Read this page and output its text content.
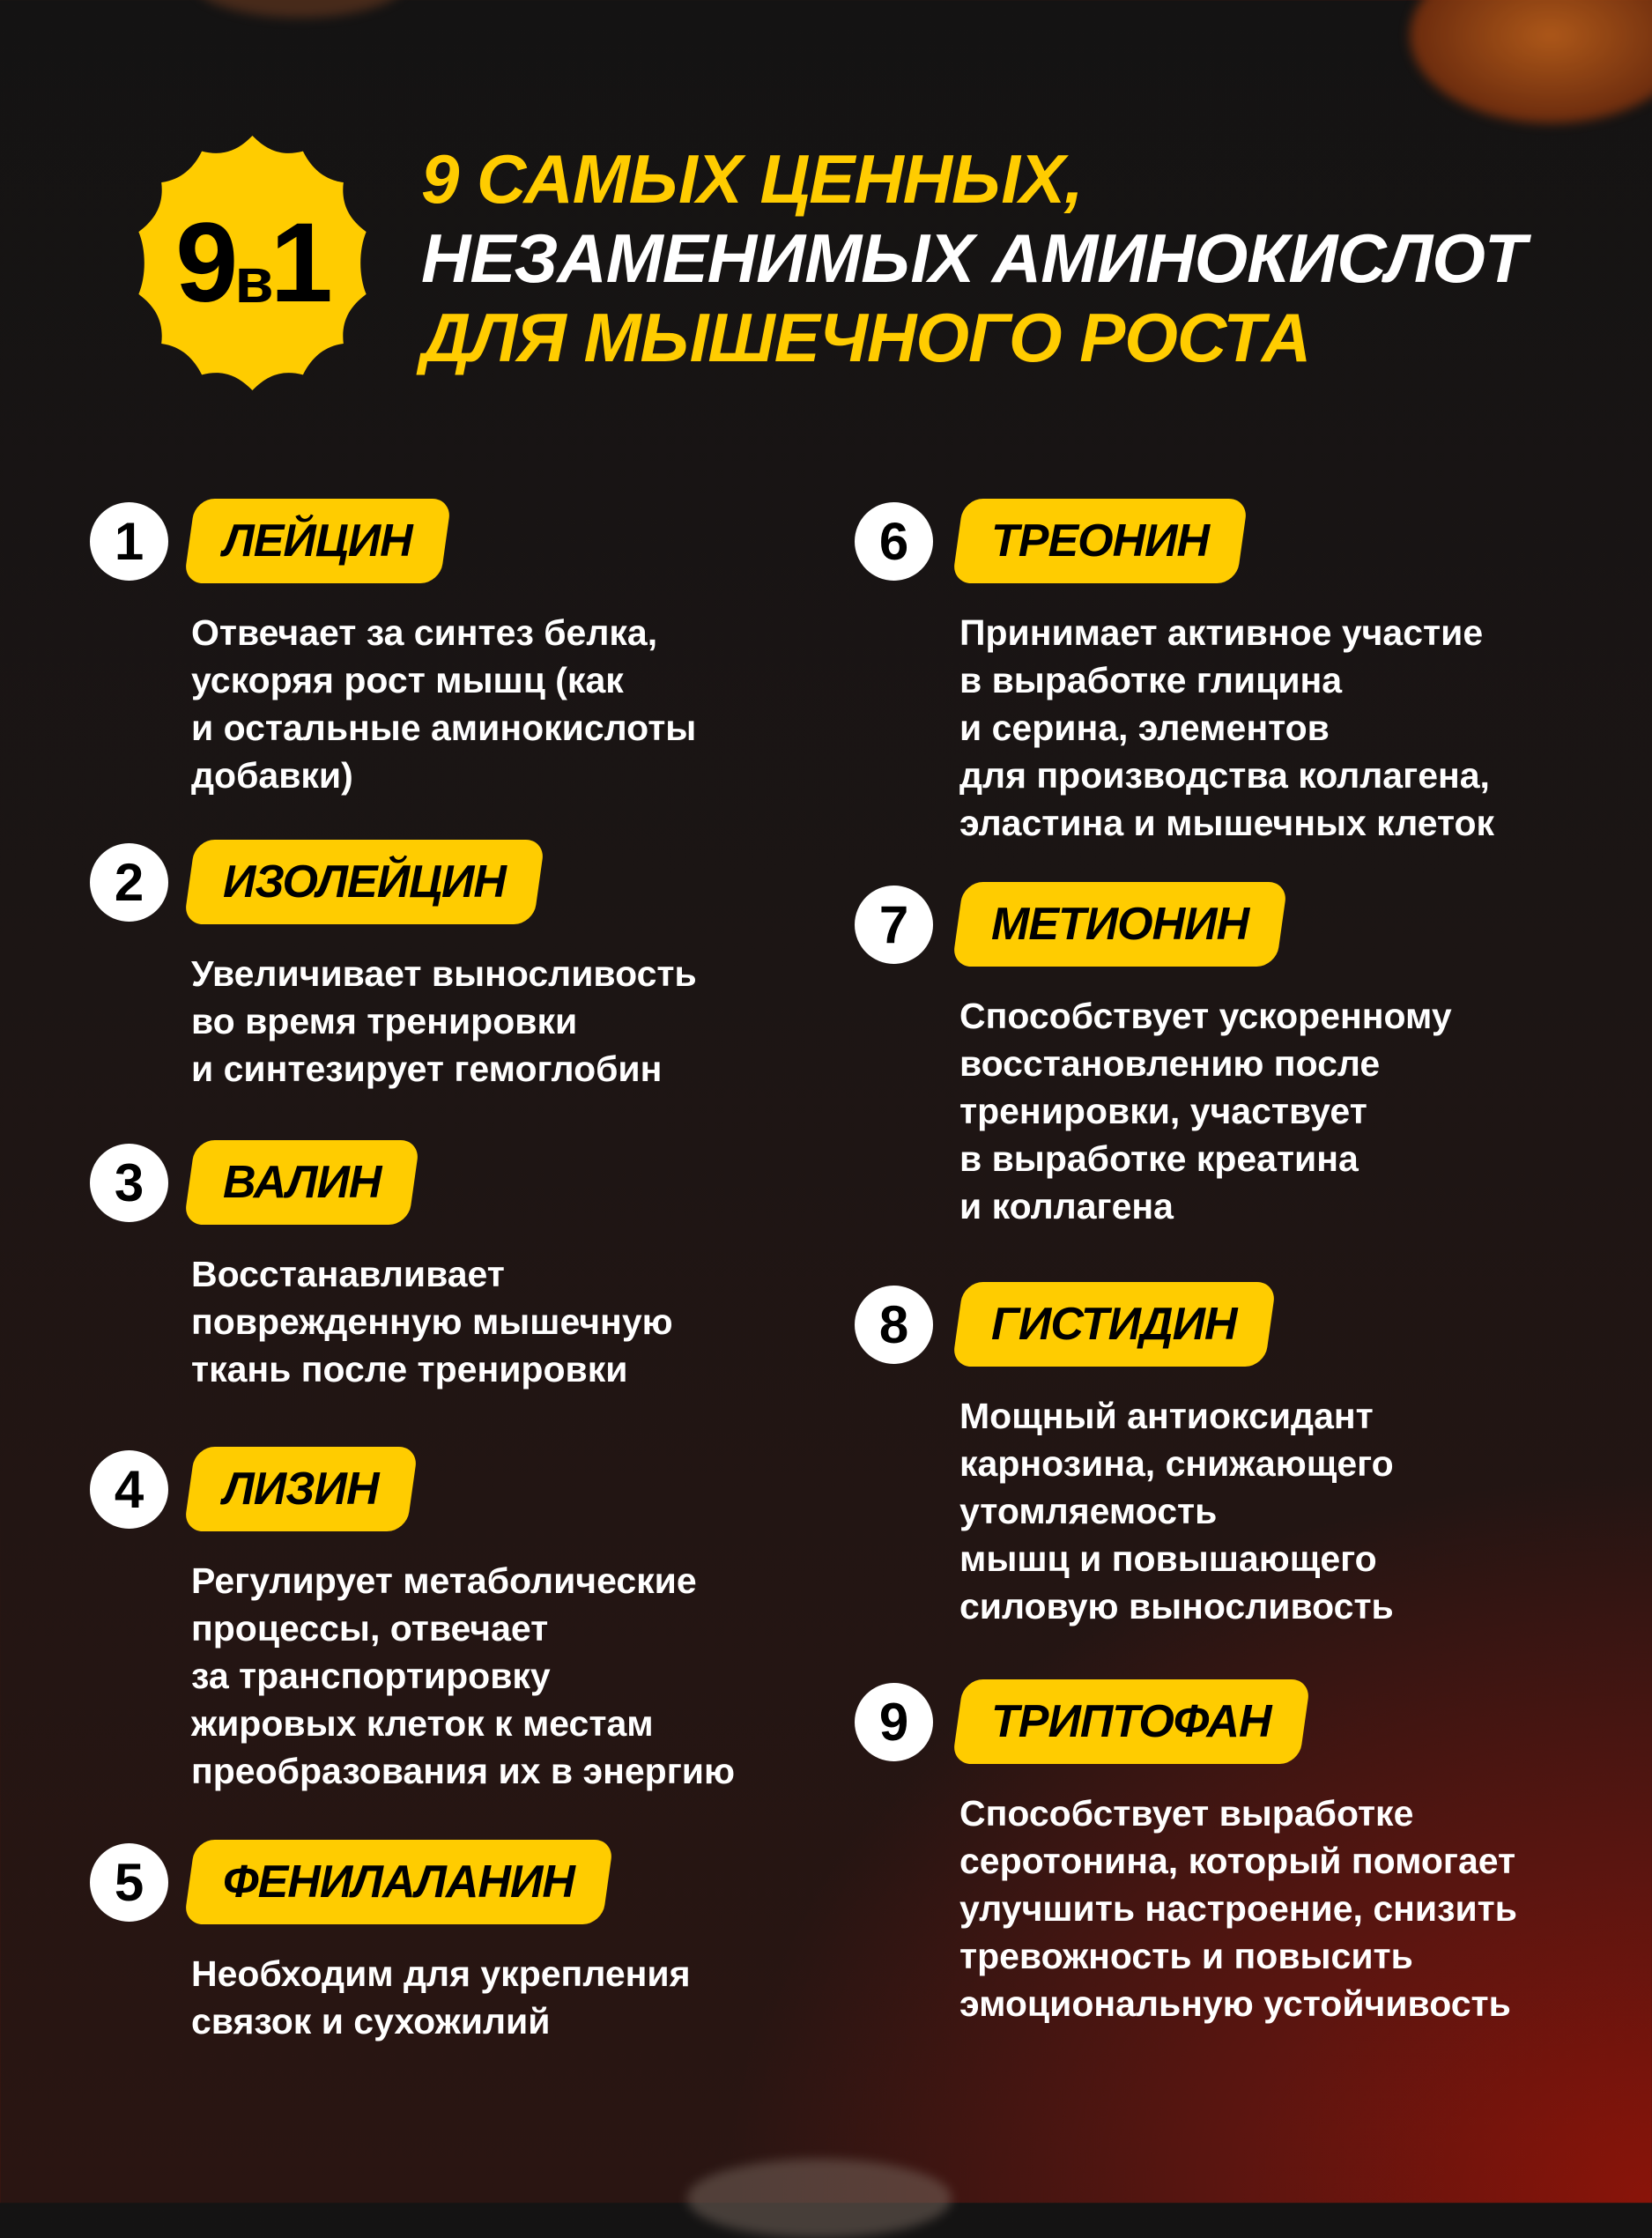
9 в 1
9 САМЫХ ЦЕННЫХ,
НЕЗАМЕНИМЫХ АМИНОКИСЛОТ
ДЛЯ МЫШЕЧНОГО РОСТА
1	ЛЕЙЦИН
Отвечает за синтез белка,
ускоряя рост мышц (как
и остальные аминокислоты
добавки)
2	ИЗОЛЕЙЦИН
Увеличивает выносливость
во время тренировки
и синтезирует гемоглобин
3	ВАЛИН
Восстанавливает
поврежденную мышечную
ткань после тренировки
4	ЛИЗИН
Регулирует метаболические
процессы, отвечает
за транспортировку
жировых клеток к местам
преобразования их в энергию
5	ФЕНИЛАЛАНИН
Необходим для укрепления
связок и сухожилий
6	ТРЕОНИН
Принимает активное участие
в выработке глицина
и серина, элементов
для производства коллагена,
эластина и мышечных клеток
7	МЕТИОНИН
Способствует ускоренному
восстановлению после
тренировки, участвует
в выработке креатина
и коллагена
8	ГИСТИДИН
Мощный антиоксидант
карнозина, снижающего
утомляемость
мышц и повышающего
силовую выносливость
9	ТРИПТОФАН
Способствует выработке
серотонина, который помогает
улучшить настроение, снизить
тревожность и повысить
эмоциональную устойчивость
